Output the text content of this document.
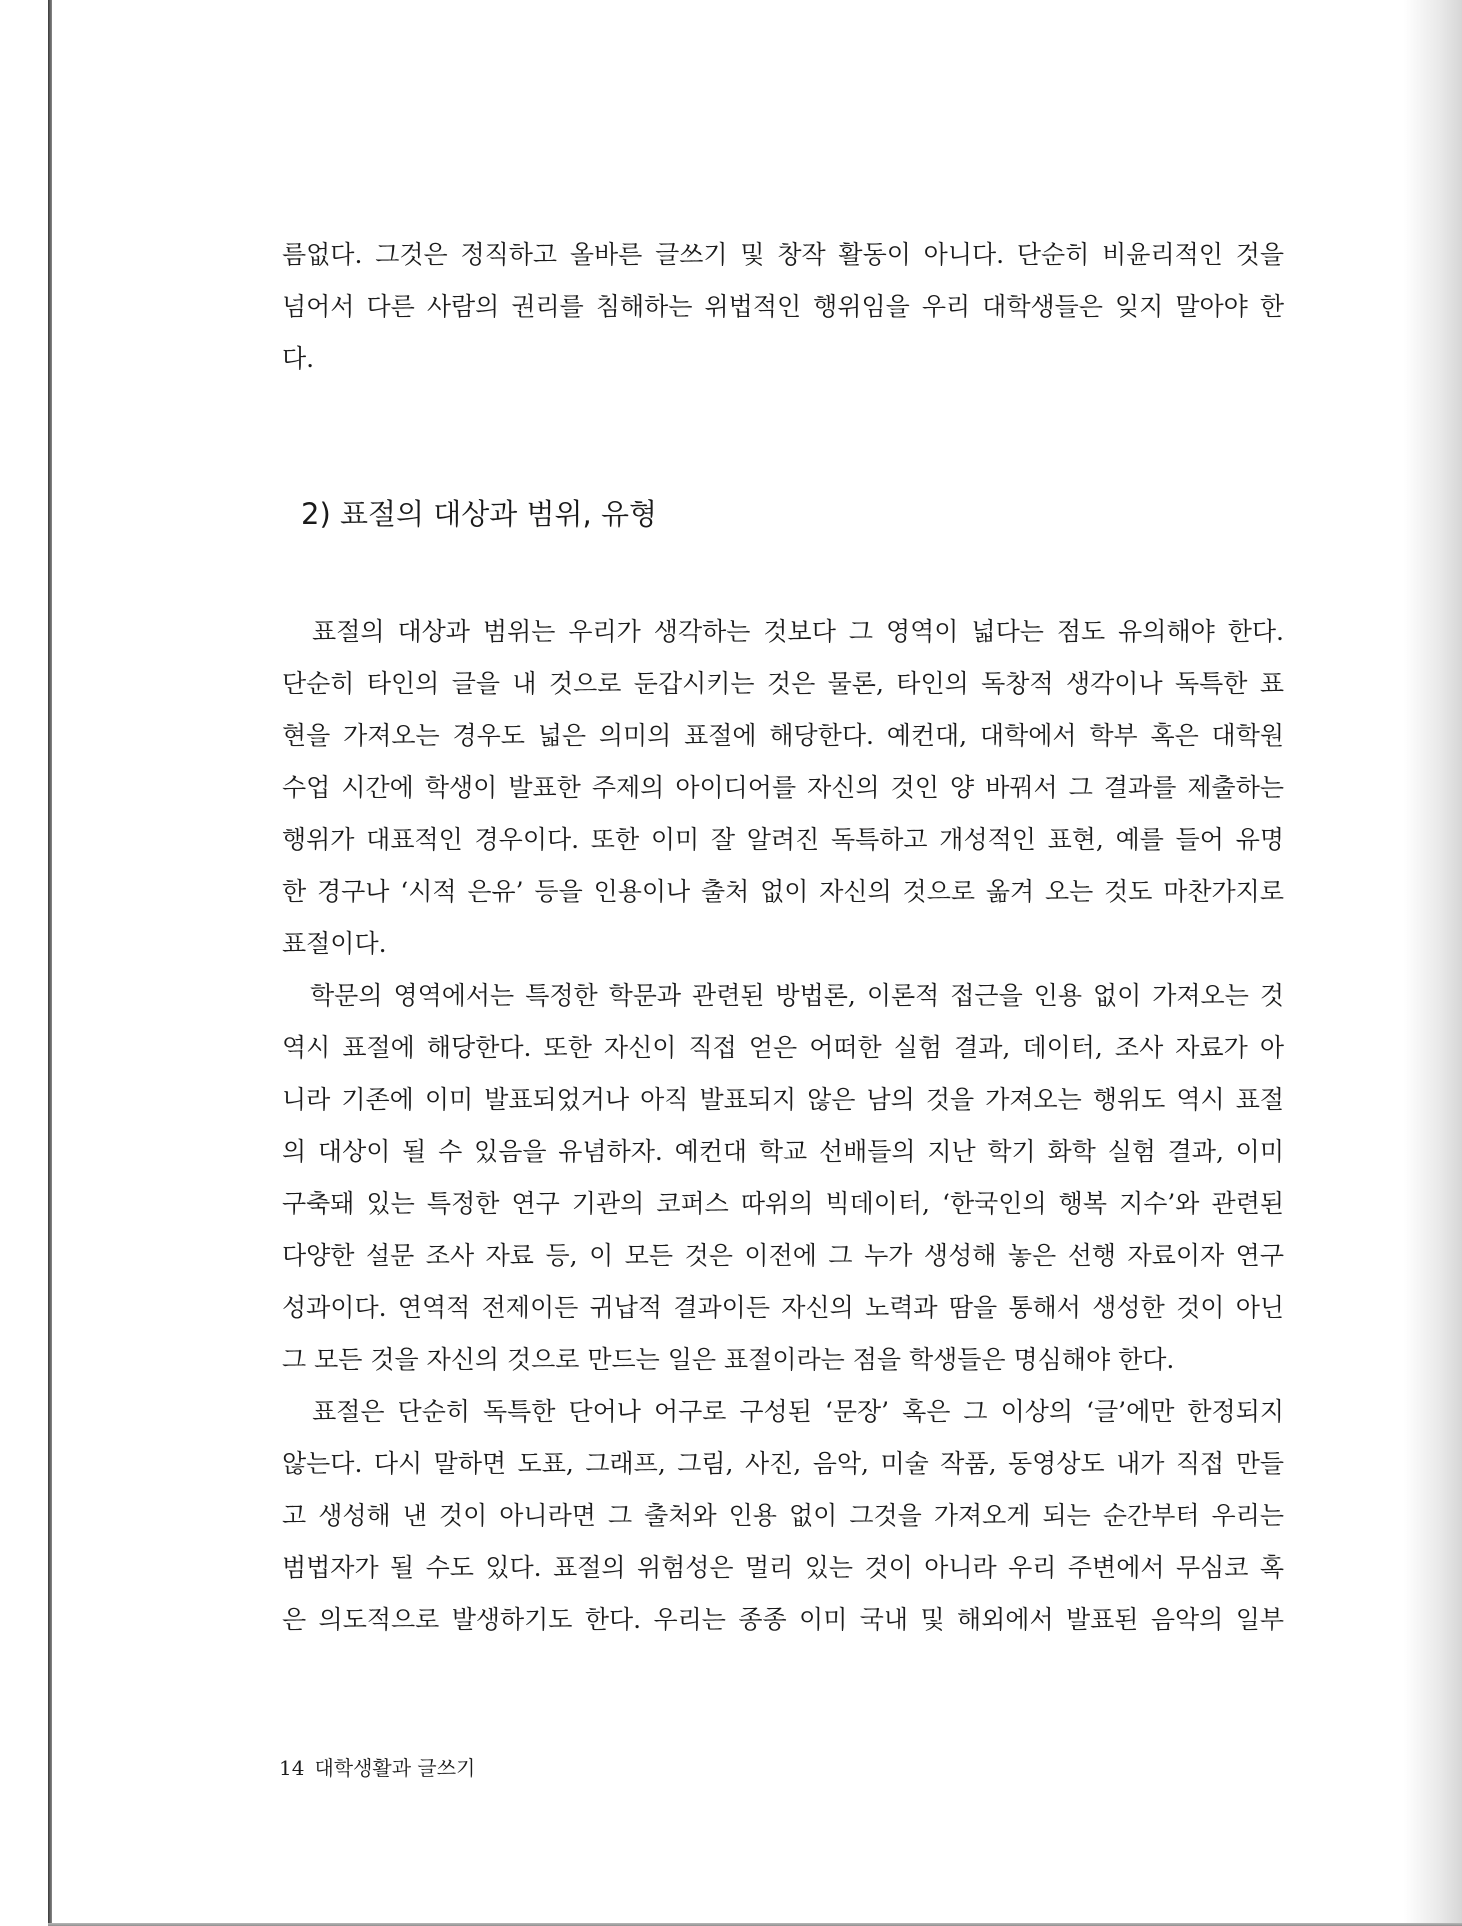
름없다. 그것은 정직하고 올바른 글쓰기 및 창작 활동이 아니다. 단순히 비윤리적인 것을
넘어서 다른 사람의 권리를 침해하는 위법적인 행위임을 우리 대학생들은 잊지 말아야 한
다.
2) 표절의 대상과 범위, 유형
　표절의 대상과 범위는 우리가 생각하는 것보다 그 영역이 넓다는 점도 유의해야 한다.
단순히 타인의 글을 내 것으로 둔갑시키는 것은 물론, 타인의 독창적 생각이나 독특한 표
현을 가져오는 경우도 넓은 의미의 표절에 해당한다. 예컨대, 대학에서 학부 혹은 대학원
수업 시간에 학생이 발표한 주제의 아이디어를 자신의 것인 양 바꿔서 그 결과를 제출하는
행위가 대표적인 경우이다. 또한 이미 잘 알려진 독특하고 개성적인 표현, 예를 들어 유명
한 경구나 ‘시적 은유’ 등을 인용이나 출처 없이 자신의 것으로 옮겨 오는 것도 마찬가지로
표절이다.
　학문의 영역에서는 특정한 학문과 관련된 방법론, 이론적 접근을 인용 없이 가져오는 것
역시 표절에 해당한다. 또한 자신이 직접 얻은 어떠한 실험 결과, 데이터, 조사 자료가 아
니라 기존에 이미 발표되었거나 아직 발표되지 않은 남의 것을 가져오는 행위도 역시 표절
의 대상이 될 수 있음을 유념하자. 예컨대 학교 선배들의 지난 학기 화학 실험 결과, 이미
구축돼 있는 특정한 연구 기관의 코퍼스 따위의 빅데이터, ‘한국인의 행복 지수’와 관련된
다양한 설문 조사 자료 등, 이 모든 것은 이전에 그 누가 생성해 놓은 선행 자료이자 연구
성과이다. 연역적 전제이든 귀납적 결과이든 자신의 노력과 땀을 통해서 생성한 것이 아닌
그 모든 것을 자신의 것으로 만드는 일은 표절이라는 점을 학생들은 명심해야 한다.
　표절은 단순히 독특한 단어나 어구로 구성된 ‘문장’ 혹은 그 이상의 ‘글’에만 한정되지
않는다. 다시 말하면 도표, 그래프, 그림, 사진, 음악, 미술 작품, 동영상도 내가 직접 만들
고 생성해 낸 것이 아니라면 그 출처와 인용 없이 그것을 가져오게 되는 순간부터 우리는
범법자가 될 수도 있다. 표절의 위험성은 멀리 있는 것이 아니라 우리 주변에서 무심코 혹
은 의도적으로 발생하기도 한다. 우리는 종종 이미 국내 및 해외에서 발표된 음악의 일부
14 대학생활과 글쓰기
